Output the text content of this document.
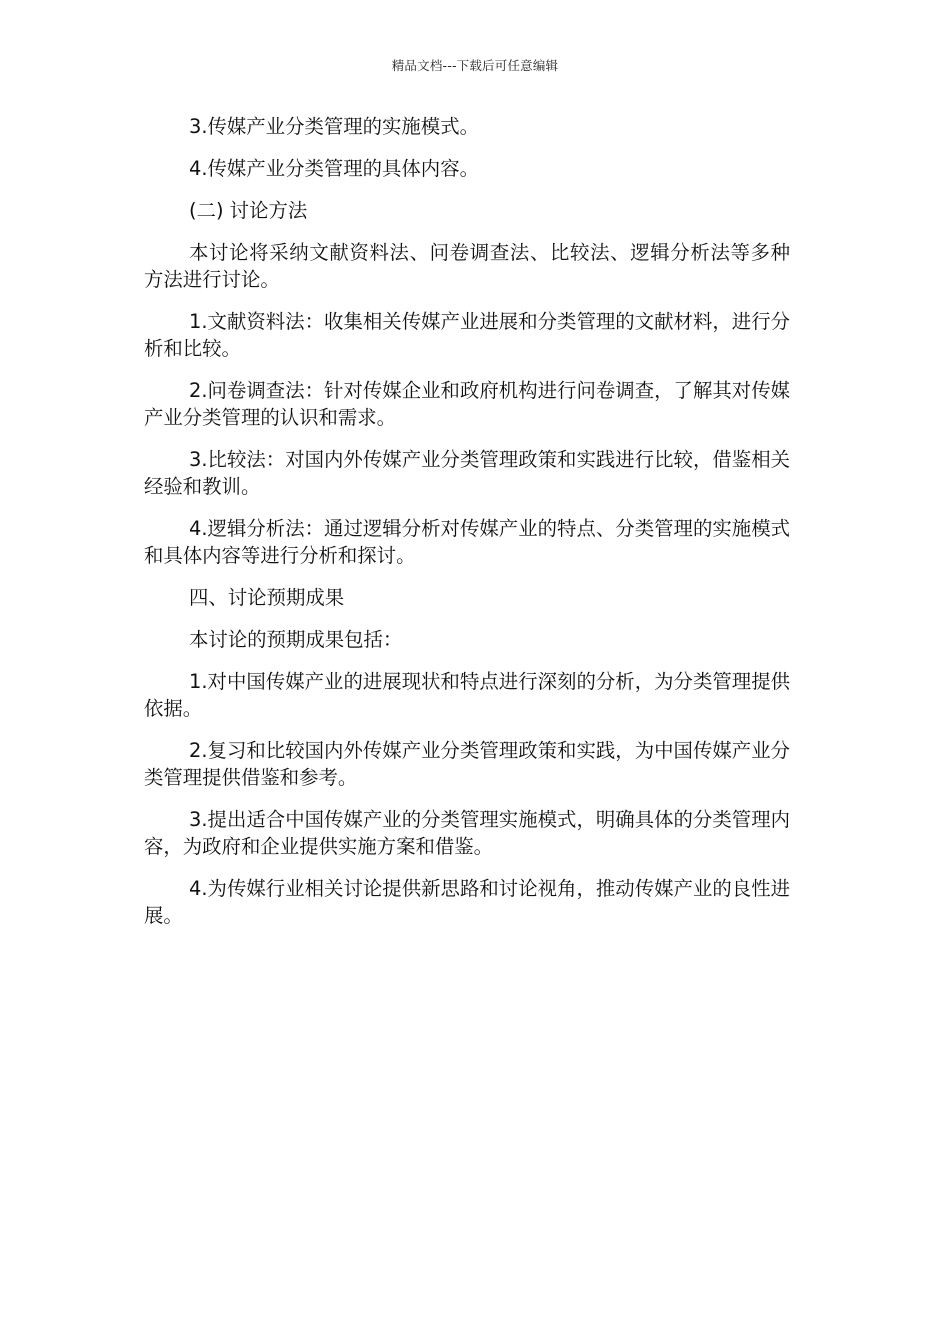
精品文档---下载后可任意编辑

3.传媒产业分类管理的实施模式。

4.传媒产业分类管理的具体内容。

(二) 讨论方法

本讨论将采纳文献资料法、问卷调查法、比较法、逻辑分析法等多种方法进行讨论。

1.文献资料法：收集相关传媒产业进展和分类管理的文献材料，进行分析和比较。

2.问卷调查法：针对传媒企业和政府机构进行问卷调查，了解其对传媒产业分类管理的认识和需求。

3.比较法：对国内外传媒产业分类管理政策和实践进行比较，借鉴相关经验和教训。

4.逻辑分析法：通过逻辑分析对传媒产业的特点、分类管理的实施模式和具体内容等进行分析和探讨。

四、讨论预期成果

本讨论的预期成果包括：

1.对中国传媒产业的进展现状和特点进行深刻的分析，为分类管理提供依据。

2.复习和比较国内外传媒产业分类管理政策和实践，为中国传媒产业分类管理提供借鉴和参考。

3.提出适合中国传媒产业的分类管理实施模式，明确具体的分类管理内容，为政府和企业提供实施方案和借鉴。

4.为传媒行业相关讨论提供新思路和讨论视角，推动传媒产业的良性进展。
